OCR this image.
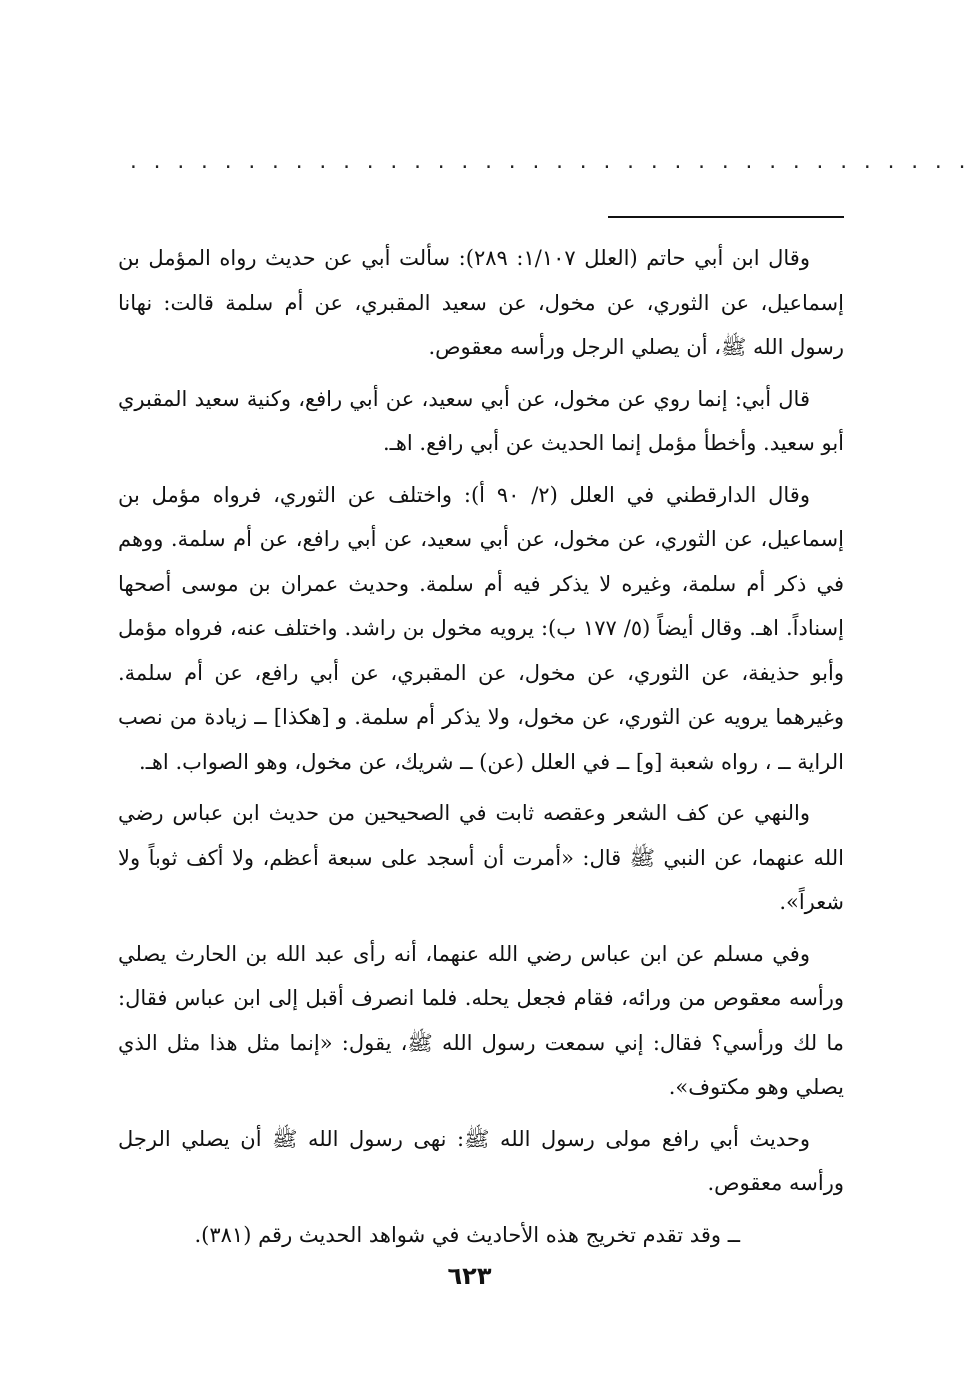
. . . . . . . . . . . . . . . . . . . . . . . . . . . . . . . . . . . .

وقال ابن أبي حاتم (العلل ١/١٠٧: ٢٨٩): سألت أبي عن حديث رواه المؤمل بن إسماعيل، عن الثوري، عن مخول، عن سعيد المقبري، عن أم سلمة قالت: نهانا رسول الله ﷺ، أن يصلي الرجل ورأسه معقوص.

قال أبي: إنما روي عن مخول، عن أبي سعيد، عن أبي رافع، وكنية سعيد المقبري أبو سعيد. وأخطأ مؤمل إنما الحديث عن أبي رافع. اهـ.

وقال الدارقطني في العلل (٢/ ٩٠ أ): واختلف عن الثوري، فرواه مؤمل بن إسماعيل، عن الثوري، عن مخول، عن أبي سعيد، عن أبي رافع، عن أم سلمة. ووهم في ذكر أم سلمة، وغيره لا يذكر فيه أم سلمة. وحديث عمران بن موسى أصحها إسناداً. اهـ. وقال أيضاً (٥/ ١٧٧ ب): يرويه مخول بن راشد. واختلف عنه، فرواه مؤمل وأبو حذيفة، عن الثوري، عن مخول، عن المقبري، عن أبي رافع، عن أم سلمة. وغيرهما يرويه عن الثوري، عن مخول، ولا يذكر أم سلمة. و [هكذا] ــ زيادة من نصب الراية ــ ، رواه شعبة [و] ــ في العلل (عن) ــ شريك، عن مخول، وهو الصواب. اهـ.

والنهي عن كف الشعر وعقصه ثابت في الصحيحين من حديث ابن عباس رضي الله عنهما، عن النبي ﷺ قال: «أمرت أن أسجد على سبعة أعظم، ولا أكف ثوباً ولا شعراً».

وفي مسلم عن ابن عباس رضي الله عنهما، أنه رأى عبد الله بن الحارث يصلي ورأسه معقوص من ورائه، فقام فجعل يحله. فلما انصرف أقبل إلى ابن عباس فقال: ما لك ورأسي؟ فقال: إني سمعت رسول الله ﷺ، يقول: «إنما مثل هذا مثل الذي يصلي وهو مكتوف».

وحديث أبي رافع مولى رسول الله ﷺ: نهى رسول الله ﷺ أن يصلي الرجل ورأسه معقوص.

ــ وقد تقدم تخريج هذه الأحاديث في شواهد الحديث رقم (٣٨١).

٦٢٣
